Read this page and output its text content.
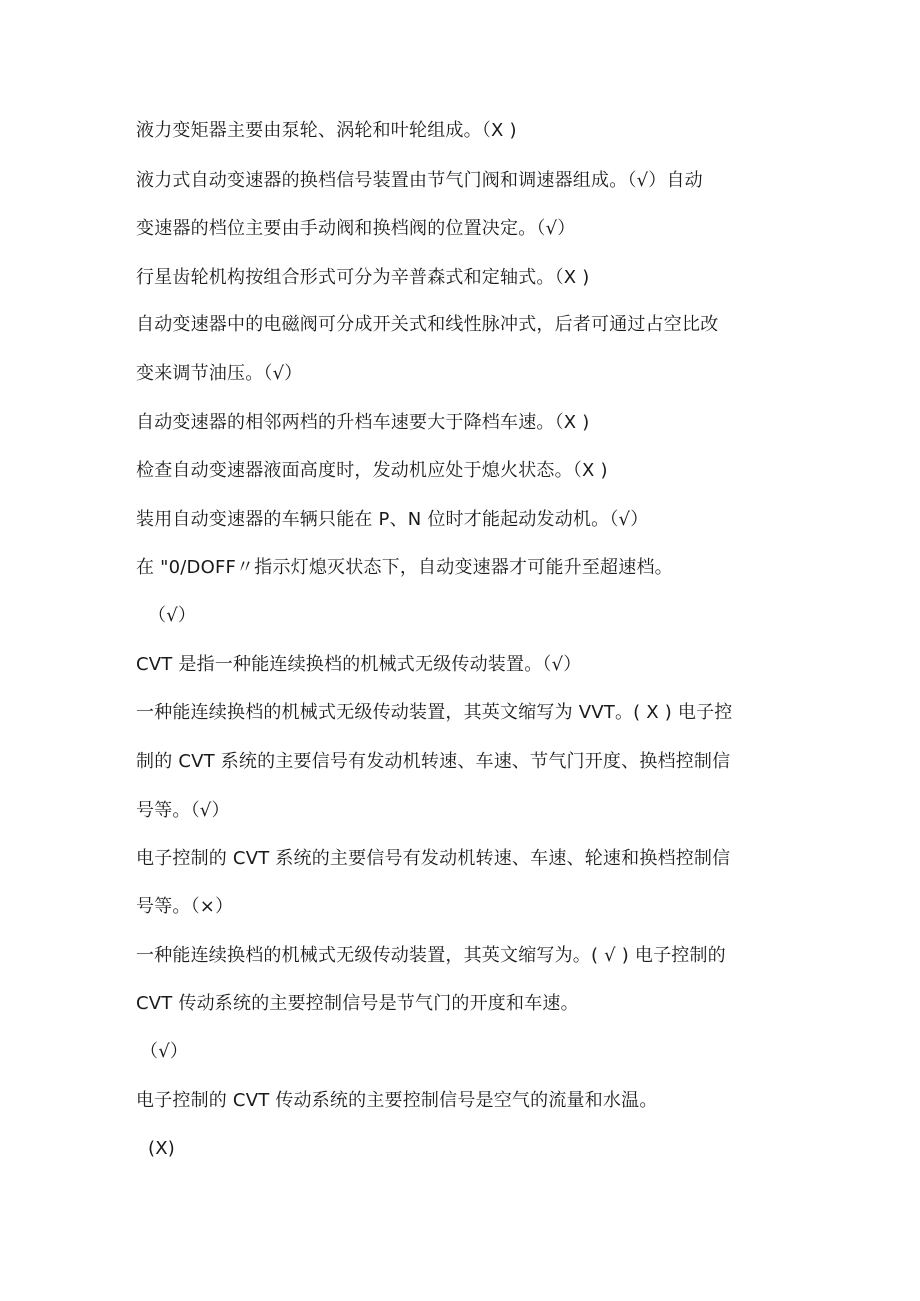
液力变矩器主要由泵轮、涡轮和叶轮组成。（X )
液力式自动变速器的换档信号装置由节气门阀和调速器组成。（√）自动
变速器的档位主要由手动阀和换档阀的位置决定。（√）
行星齿轮机构按组合形式可分为辛普森式和定轴式。（X )
自动变速器中的电磁阀可分成开关式和线性脉冲式，后者可通过占空比改
变来调节油压。（√）
自动变速器的相邻两档的升档车速要大于降档车速。（X )
检查自动变速器液面高度时，发动机应处于熄火状态。（X )
装用自动变速器的车辆只能在 P、N 位时才能起动发动机。（√）
在 "0/DOFF〃指示灯熄灭状态下，自动变速器才可能升至超速档。
（√）
CVT 是指一种能连续换档的机械式无级传动装置。（√）
一种能连续换档的机械式无级传动装置，其英文缩写为 VVT。( X ) 电子控
制的 CVT 系统的主要信号有发动机转速、车速、节气门开度、换档控制信
号等。（√）
电子控制的 CVT 系统的主要信号有发动机转速、车速、轮速和换档控制信
号等。（×）
一种能连续换档的机械式无级传动装置，其英文缩写为。( √ ) 电子控制的
CVT 传动系统的主要控制信号是节气门的开度和车速。
（√）
电子控制的 CVT 传动系统的主要控制信号是空气的流量和水温。
(X)
